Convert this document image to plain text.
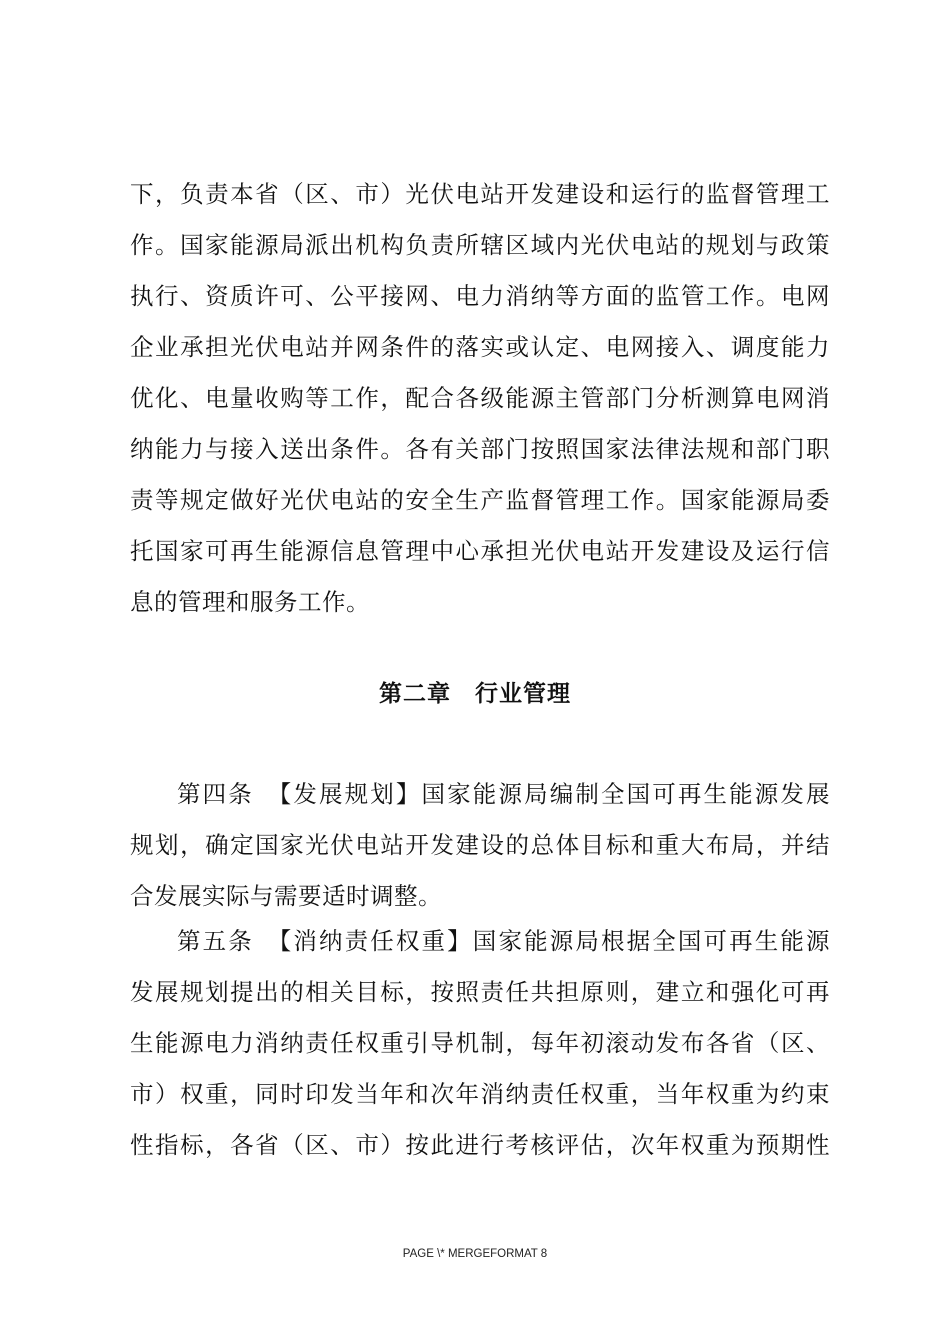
下，负责本省（区、市）光伏电站开发建设和运行的监督管理工
作。国家能源局派出机构负责所辖区域内光伏电站的规划与政策
执行、资质许可、公平接网、电力消纳等方面的监管工作。电网
企业承担光伏电站并网条件的落实或认定、电网接入、调度能力
优化、电量收购等工作，配合各级能源主管部门分析测算电网消
纳能力与接入送出条件。各有关部门按照国家法律法规和部门职
责等规定做好光伏电站的安全生产监督管理工作。国家能源局委
托国家可再生能源信息管理中心承担光伏电站开发建设及运行信
息的管理和服务工作。
第二章　行业管理
第四条　【发展规划】国家能源局编制全国可再生能源发展
规划，确定国家光伏电站开发建设的总体目标和重大布局，并结
合发展实际与需要适时调整。
第五条　【消纳责任权重】国家能源局根据全国可再生能源
发展规划提出的相关目标，按照责任共担原则，建立和强化可再
生能源电力消纳责任权重引导机制，每年初滚动发布各省（区、
市）权重，同时印发当年和次年消纳责任权重，当年权重为约束
性指标，各省（区、市）按此进行考核评估，次年权重为预期性
PAGE \* MERGEFORMAT 8
